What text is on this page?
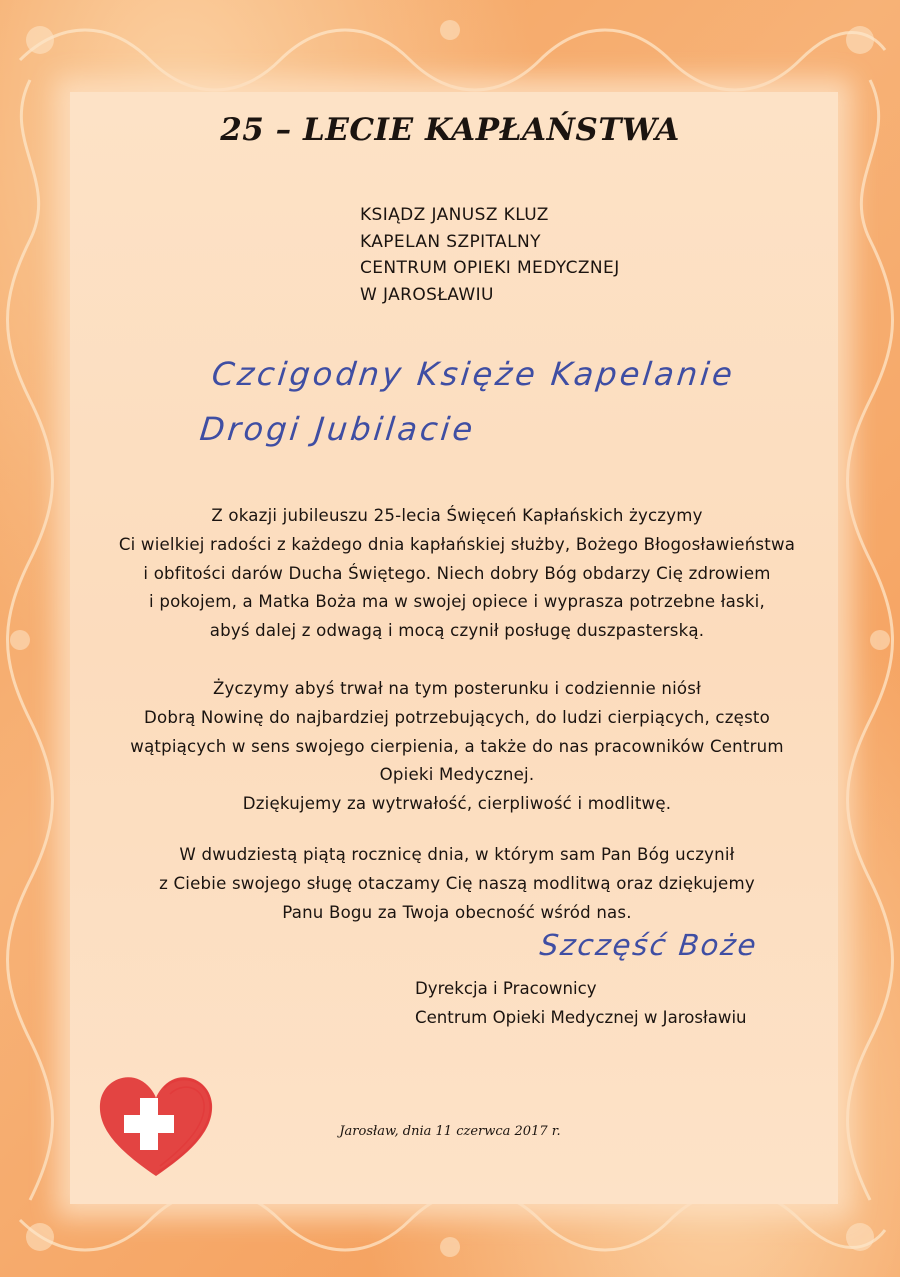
25 – LECIE KAPŁAŃSTWA
KSIĄDZ JANUSZ KLUZ
KAPELAN SZPITALNY
CENTRUM OPIEKI MEDYCZNEJ
W JAROSŁAWIU
Czcigodny Księże Kapelanie
Drogi Jubilacie
Z okazji jubileuszu 25-lecia Święceń Kapłańskich życzymy
Ci wielkiej radości z każdego dnia kapłańskiej służby, Bożego Błogosławieństwa
i obfitości darów Ducha Świętego. Niech dobry Bóg obdarzy Cię zdrowiem
i pokojem, a Matka Boża ma w swojej opiece i wyprasza potrzebne łaski,
abyś dalej z odwagą i mocą czynił posługę duszpasterską.
Życzymy abyś trwał na tym posterunku i codziennie niósł
Dobrą Nowinę do najbardziej potrzebujących, do ludzi cierpiących, często
wątpiących w sens swojego cierpienia, a także do nas pracowników Centrum
Opieki Medycznej.
Dziękujemy za wytrwałość, cierpliwość i modlitwę.
W dwudziestą piątą rocznicę dnia, w którym sam Pan Bóg uczynił
z Ciebie swojego sługę otaczamy Cię naszą modlitwą oraz dziękujemy
Panu Bogu za Twoja obecność wśród nas.
Szczęść Boże
Dyrekcja i Pracownicy
Centrum Opieki Medycznej w Jarosławiu
Jarosław, dnia 11 czerwca 2017 r.
